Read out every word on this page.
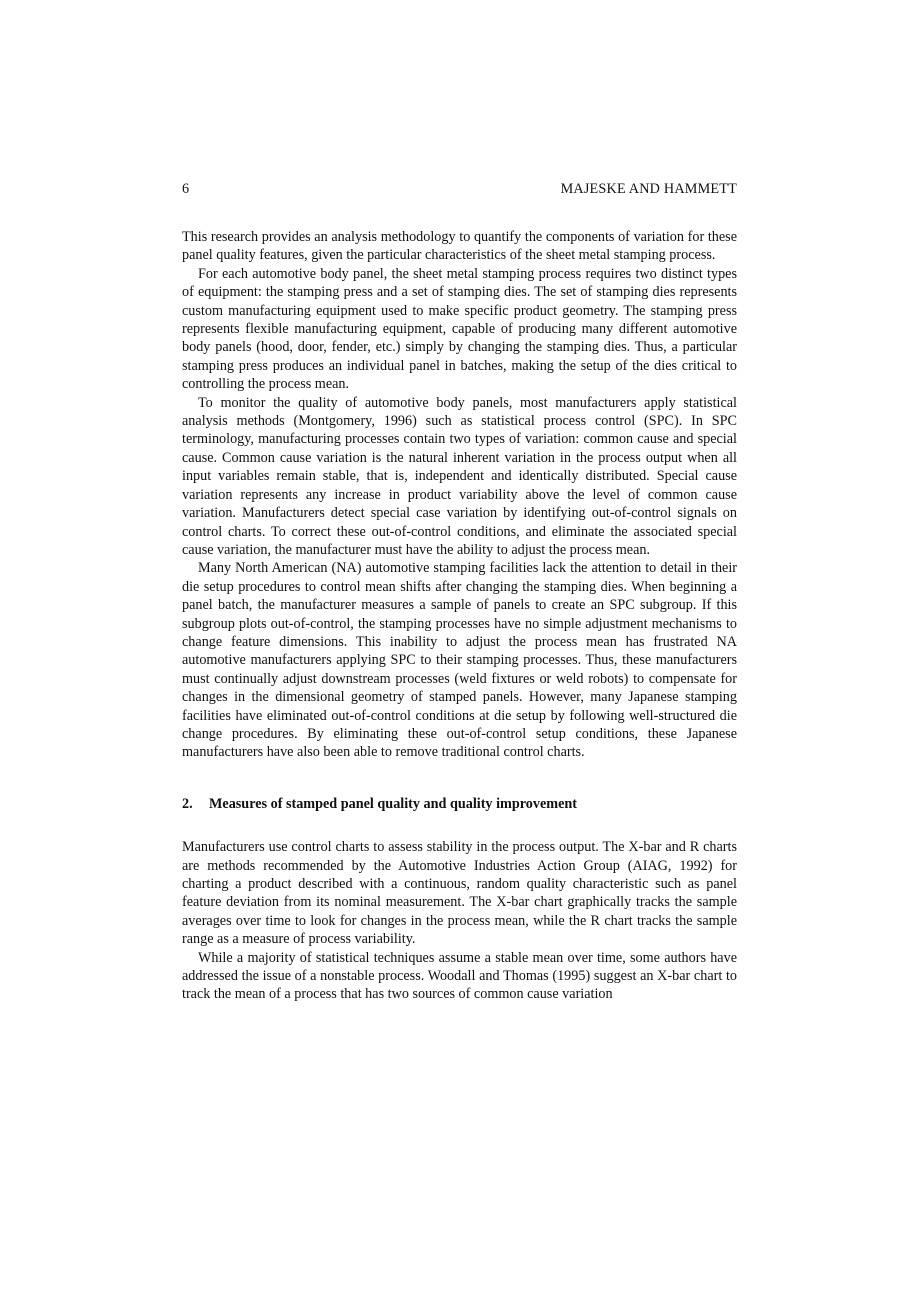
6	MAJESKE AND HAMMETT

This research provides an analysis methodology to quantify the components of variation for these panel quality features, given the particular characteristics of the sheet metal stamping process.

For each automotive body panel, the sheet metal stamping process requires two distinct types of equipment: the stamping press and a set of stamping dies. The set of stamping dies represents custom manufacturing equipment used to make specific product geometry. The stamping press represents flexible manufacturing equipment, capable of producing many different automotive body panels (hood, door, fender, etc.) simply by changing the stamping dies. Thus, a particular stamping press produces an individual panel in batches, making the setup of the dies critical to controlling the process mean.

To monitor the quality of automotive body panels, most manufacturers apply statistical analysis methods (Montgomery, 1996) such as statistical process control (SPC). In SPC terminology, manufacturing processes contain two types of variation: common cause and special cause. Common cause variation is the natural inherent variation in the process output when all input variables remain stable, that is, independent and identically distributed. Special cause variation represents any increase in product variability above the level of common cause variation. Manufacturers detect special case variation by identifying out-of-control signals on control charts. To correct these out-of-control conditions, and eliminate the associated special cause variation, the manufacturer must have the ability to adjust the process mean.

Many North American (NA) automotive stamping facilities lack the attention to detail in their die setup procedures to control mean shifts after changing the stamping dies. When beginning a panel batch, the manufacturer measures a sample of panels to create an SPC subgroup. If this subgroup plots out-of-control, the stamping processes have no simple adjustment mechanisms to change feature dimensions. This inability to adjust the process mean has frustrated NA automotive manufacturers applying SPC to their stamping processes. Thus, these manufacturers must continually adjust downstream processes (weld fixtures or weld robots) to compensate for changes in the dimensional geometry of stamped panels. However, many Japanese stamping facilities have eliminated out-of-control conditions at die setup by following well-structured die change procedures. By eliminating these out-of-control setup conditions, these Japanese manufacturers have also been able to remove traditional control charts.

2. Measures of stamped panel quality and quality improvement

Manufacturers use control charts to assess stability in the process output. The X-bar and R charts are methods recommended by the Automotive Industries Action Group (AIAG, 1992) for charting a product described with a continuous, random quality characteristic such as panel feature deviation from its nominal measurement. The X-bar chart graphically tracks the sample averages over time to look for changes in the process mean, while the R chart tracks the sample range as a measure of process variability.

While a majority of statistical techniques assume a stable mean over time, some authors have addressed the issue of a nonstable process. Woodall and Thomas (1995) suggest an X-bar chart to track the mean of a process that has two sources of common cause variation
